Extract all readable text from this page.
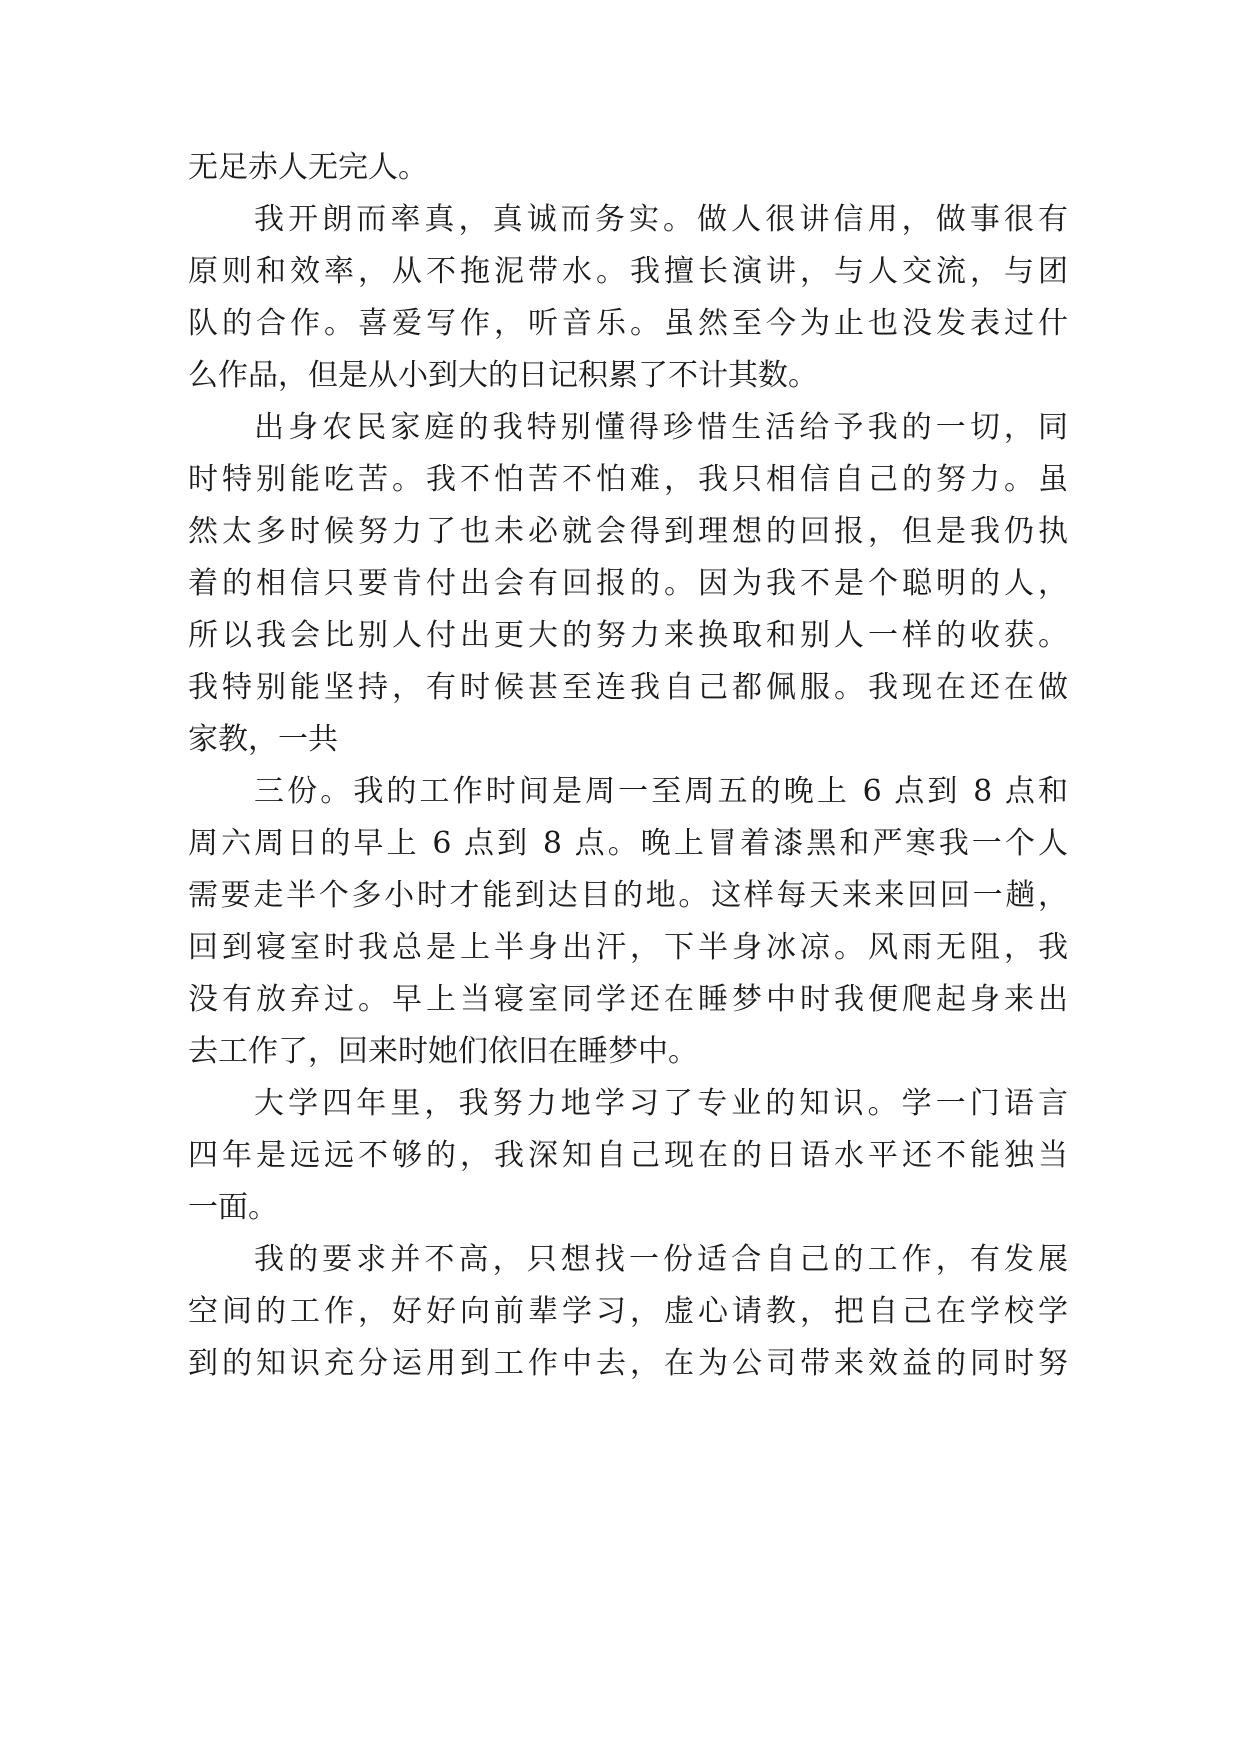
无足赤人无完人。
我开朗而率真，真诚而务实。做人很讲信用，做事很有
原则和效率，从不拖泥带水。我擅长演讲，与人交流，与团
队的合作。喜爱写作，听音乐。虽然至今为止也没发表过什
么作品，但是从小到大的日记积累了不计其数。
出身农民家庭的我特别懂得珍惜生活给予我的一切，同
时特别能吃苦。我不怕苦不怕难，我只相信自己的努力。虽
然太多时候努力了也未必就会得到理想的回报，但是我仍执
着的相信只要肯付出会有回报的。因为我不是个聪明的人，
所以我会比别人付出更大的努力来换取和别人一样的收获。
我特别能坚持，有时候甚至连我自己都佩服。我现在还在做
家教，一共
三份。我的工作时间是周一至周五的晚上 6 点到 8 点和
周六周日的早上 6 点到 8 点。晚上冒着漆黑和严寒我一个人
需要走半个多小时才能到达目的地。这样每天来来回回一趟，
回到寝室时我总是上半身出汗，下半身冰凉。风雨无阻，我
没有放弃过。早上当寝室同学还在睡梦中时我便爬起身来出
去工作了，回来时她们依旧在睡梦中。
大学四年里，我努力地学习了专业的知识。学一门语言
四年是远远不够的，我深知自己现在的日语水平还不能独当
一面。
我的要求并不高，只想找一份适合自己的工作，有发展
空间的工作，好好向前辈学习，虚心请教，把自己在学校学
到的知识充分运用到工作中去，在为公司带来效益的同时努
